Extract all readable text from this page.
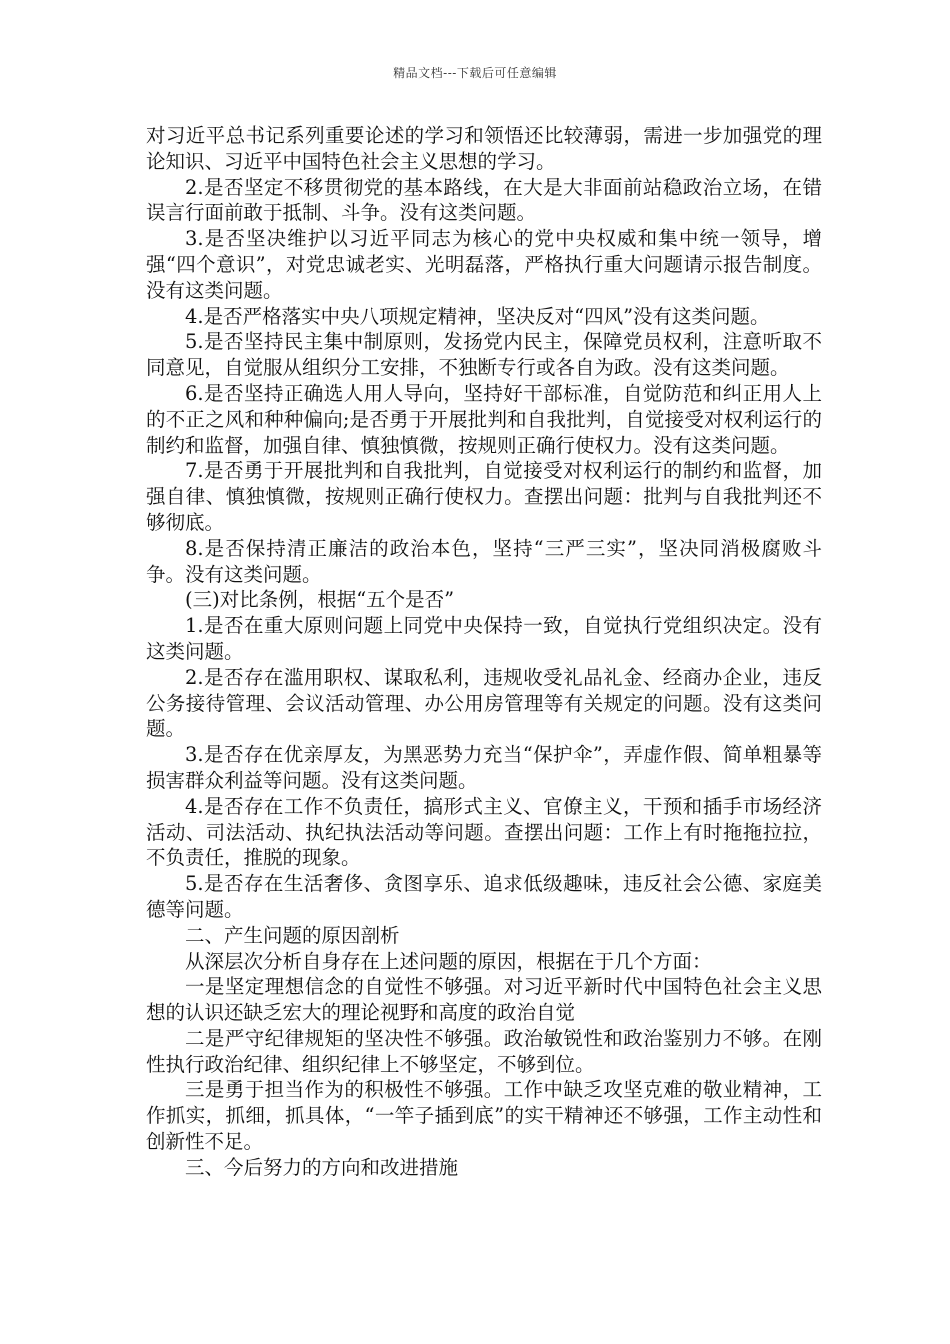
精品文档---下载后可任意编辑

对习近平总书记系列重要论述的学习和领悟还比较薄弱，需进一步加强党的理论知识、习近平中国特色社会主义思想的学习。

2.是否坚定不移贯彻党的基本路线，在大是大非面前站稳政治立场，在错误言行面前敢于抵制、斗争。没有这类问题。

3.是否坚决维护以习近平同志为核心的党中央权威和集中统一领导，增强“四个意识”，对党忠诚老实、光明磊落，严格执行重大问题请示报告制度。没有这类问题。

4.是否严格落实中央八项规定精神，坚决反对“四风”没有这类问题。

5.是否坚持民主集中制原则，发扬党内民主，保障党员权利，注意听取不同意见，自觉服从组织分工安排，不独断专行或各自为政。没有这类问题。

6.是否坚持正确选人用人导向，坚持好干部标准，自觉防范和纠正用人上的不正之风和种种偏向;是否勇于开展批判和自我批判，自觉接受对权利运行的制约和监督，加强自律、慎独慎微，按规则正确行使权力。没有这类问题。

7.是否勇于开展批判和自我批判，自觉接受对权利运行的制约和监督，加强自律、慎独慎微，按规则正确行使权力。查摆出问题：批判与自我批判还不够彻底。

8.是否保持清正廉洁的政治本色，坚持“三严三实”，坚决同消极腐败斗争。没有这类问题。

(三)对比条例，根据“五个是否”

1.是否在重大原则问题上同党中央保持一致，自觉执行党组织决定。没有这类问题。

2.是否存在滥用职权、谋取私利，违规收受礼品礼金、经商办企业，违反公务接待管理、会议活动管理、办公用房管理等有关规定的问题。没有这类问题。

3.是否存在优亲厚友，为黑恶势力充当“保护伞”，弄虚作假、简单粗暴等损害群众利益等问题。没有这类问题。

4.是否存在工作不负责任，搞形式主义、官僚主义，干预和插手市场经济活动、司法活动、执纪执法活动等问题。查摆出问题：工作上有时拖拖拉拉，不负责任，推脱的现象。

5.是否存在生活奢侈、贪图享乐、追求低级趣味，违反社会公德、家庭美德等问题。

二、产生问题的原因剖析

从深层次分析自身存在上述问题的原因，根据在于几个方面：

一是坚定理想信念的自觉性不够强。对习近平新时代中国特色社会主义思想的认识还缺乏宏大的理论视野和高度的政治自觉

二是严守纪律规矩的坚决性不够强。政治敏锐性和政治鉴别力不够。在刚性执行政治纪律、组织纪律上不够坚定，不够到位。

三是勇于担当作为的积极性不够强。工作中缺乏攻坚克难的敬业精神，工作抓实，抓细，抓具体，“一竿子插到底”的实干精神还不够强，工作主动性和创新性不足。

三、今后努力的方向和改进措施
